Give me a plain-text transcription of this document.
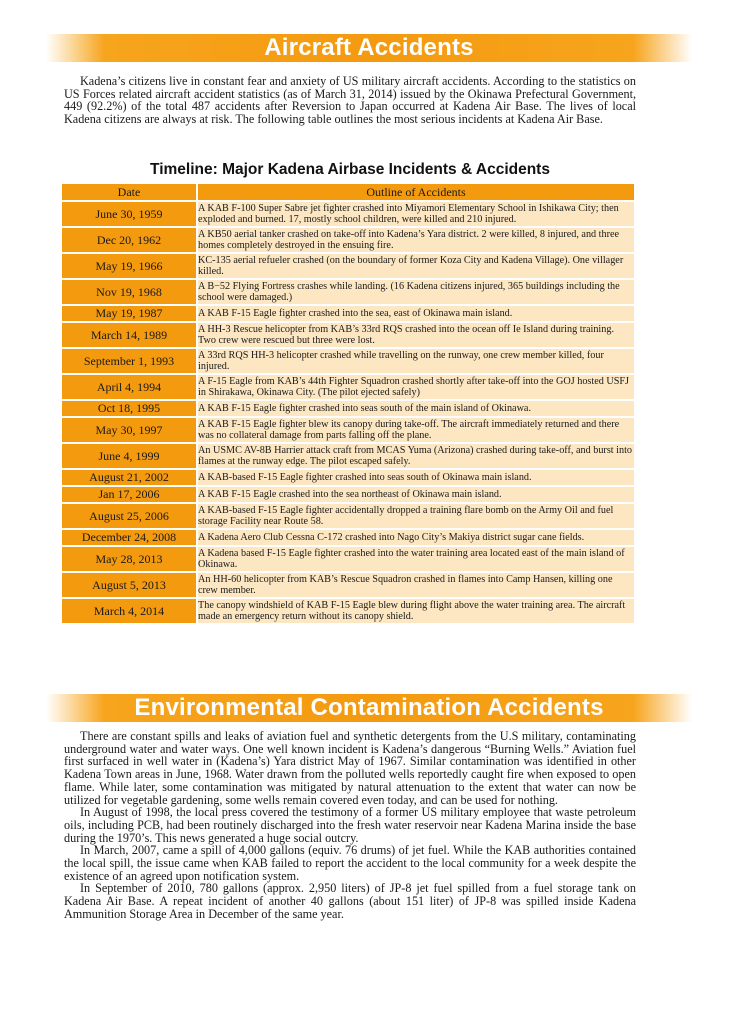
Aircraft Accidents

Kadena’s citizens live in constant fear and anxiety of US military aircraft accidents. According to the statistics on US Forces related aircraft accident statistics (as of March 31, 2014) issued by the Okinawa Prefectural Government, 449 (92.2%) of the total 487 accidents after Reversion to Japan occurred at Kadena Air Base. The lives of local Kadena citizens are always at risk. The following table outlines the most serious incidents at Kadena Air Base.

Timeline: Major Kadena Airbase Incidents & Accidents
Date	Outline of Accidents
June 30, 1959	A KAB F-100 Super Sabre jet fighter crashed into Miyamori Elementary School in Ishikawa City; then exploded and burned. 17, mostly school children, were killed and 210 injured.
Dec 20, 1962	A KB50 aerial tanker crashed on take-off into Kadena’s Yara district. 2 were killed, 8 injured, and three homes completely destroyed in the ensuing fire.
May 19, 1966	KC-135 aerial refueler crashed (on the boundary of former Koza City and Kadena Village). One villager killed.
Nov 19, 1968	A B−52 Flying Fortress crashes while landing. (16 Kadena citizens injured, 365 buildings including the school were damaged.)
May 19, 1987	A KAB F-15 Eagle fighter crashed into the sea, east of Okinawa main island.
March 14, 1989	A HH-3 Rescue helicopter from KAB’s 33rd RQS crashed into the ocean off Ie Island during training. Two crew were rescued but three were lost.
September 1, 1993	A 33rd RQS HH-3 helicopter crashed while travelling on the runway, one crew member killed, four injured.
April 4, 1994	A F-15 Eagle from KAB’s 44th Fighter Squadron crashed shortly after take-off into the GOJ hosted USFJ in Shirakawa, Okinawa City. (The pilot ejected safely)
Oct 18, 1995	A KAB F-15 Eagle fighter crashed into seas south of the main island of Okinawa.
May 30, 1997	A KAB F-15 Eagle fighter blew its canopy during take-off. The aircraft immediately returned and there was no collateral damage from parts falling off the plane.
June 4, 1999	An USMC AV-8B Harrier attack craft from MCAS Yuma (Arizona) crashed during take-off, and burst into flames at the runway edge. The pilot escaped safely.
August 21, 2002	A KAB-based F-15 Eagle fighter crashed into seas south of Okinawa main island.
Jan 17, 2006	A KAB F-15 Eagle crashed into the sea northeast of Okinawa main island.
August 25, 2006	A KAB-based F-15 Eagle fighter accidentally dropped a training flare bomb on the Army Oil and fuel storage Facility near Route 58.
December 24, 2008	A Kadena Aero Club Cessna C-172 crashed into Nago City’s Makiya district sugar cane fields.
May 28, 2013	A Kadena based F-15 Eagle fighter crashed into the water training area located east of the main island of Okinawa.
August 5, 2013	An HH-60 helicopter from KAB’s Rescue Squadron crashed in flames into Camp Hansen, killing one crew member.
March 4, 2014	The canopy windshield of KAB F-15 Eagle blew during flight above the water training area. The aircraft made an emergency return without its canopy shield.
Environmental Contamination Accidents

There are constant spills and leaks of aviation fuel and synthetic detergents from the U.S military, contaminating underground water and water ways. One well known incident is Kadena’s dangerous “Burning Wells.” Aviation fuel first surfaced in well water in (Kadena’s) Yara district May of 1967. Similar contamination was identified in other Kadena Town areas in June, 1968. Water drawn from the polluted wells reportedly caught fire when exposed to open flame. While later, some contamination was mitigated by natural attenuation to the extent that water can now be utilized for vegetable gardening, some wells remain covered even today, and can be used for nothing.

In August of 1998, the local press covered the testimony of a former US military employee that waste petroleum oils, including PCB, had been routinely discharged into the fresh water reservoir near Kadena Marina inside the base during the 1970’s. This news generated a huge social outcry.

In March, 2007, came a spill of 4,000 gallons (equiv. 76 drums) of jet fuel. While the KAB authorities contained the local spill, the issue came when KAB failed to report the accident to the local community for a week despite the existence of an agreed upon notification system.

In September of 2010, 780 gallons (approx. 2,950 liters) of JP-8 jet fuel spilled from a fuel storage tank on Kadena Air Base. A repeat incident of another 40 gallons (about 151 liter) of JP-8 was spilled inside Kadena Ammunition Storage Area in December of the same year.
